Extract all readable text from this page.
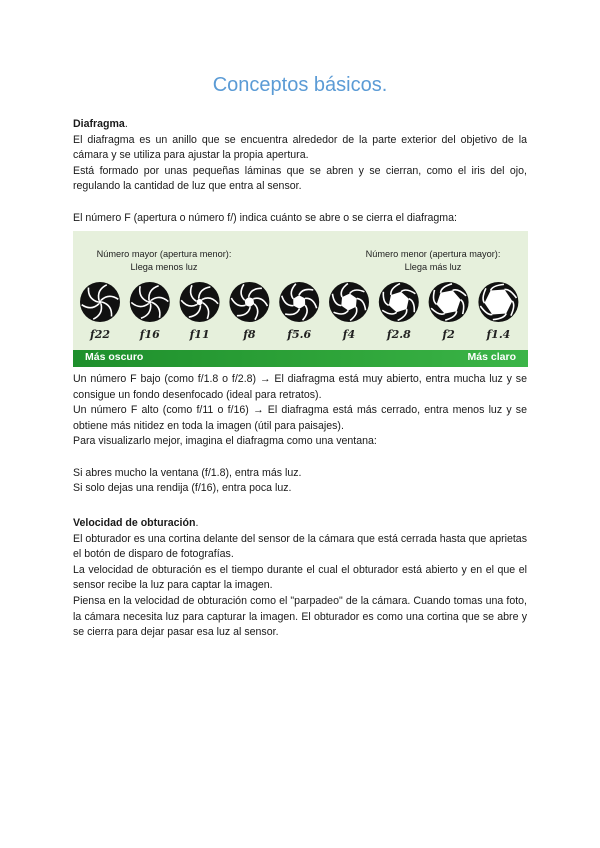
Conceptos básicos.

Diafragma.

El diafragma es un anillo que se encuentra alrededor de la parte exterior del objetivo de la cámara y se utiliza para ajustar la propia apertura.

Está formado por unas pequeñas láminas que se abren y se cierran, como el iris del ojo, regulando la cantidad de luz que entra al sensor.

El número F (apertura o número f/) indica cuánto se abre o se cierra el diafragma:

Número mayor (apertura menor):
Llega menos luz
Número menor (apertura mayor):
Llega más luz
f22	f16	f11	f8	f5.6	f4	f2.8	f2	f1.4
Más oscuro	Más claro

Un número F bajo (como f/1.8 o f/2.8) → El diafragma está muy abierto, entra mucha luz y se consigue un fondo desenfocado (ideal para retratos).

Un número F alto (como f/11 o f/16) → El diafragma está más cerrado, entra menos luz y se obtiene más nitidez en toda la imagen (útil para paisajes).

Para visualizarlo mejor, imagina el diafragma como una ventana:

Si abres mucho la ventana (f/1.8), entra más luz.

Si solo dejas una rendija (f/16), entra poca luz.

Velocidad de obturación.

El obturador es una cortina delante del sensor de la cámara que está cerrada hasta que aprietas el botón de disparo de fotografías.

La velocidad de obturación es el tiempo durante el cual el obturador está abierto y en el que el sensor recibe la luz para captar la imagen.

Piensa en la velocidad de obturación como el "parpadeo" de la cámara. Cuando tomas una foto, la cámara necesita luz para capturar la imagen. El obturador es como una cortina que se abre y se cierra para dejar pasar esa luz al sensor.
